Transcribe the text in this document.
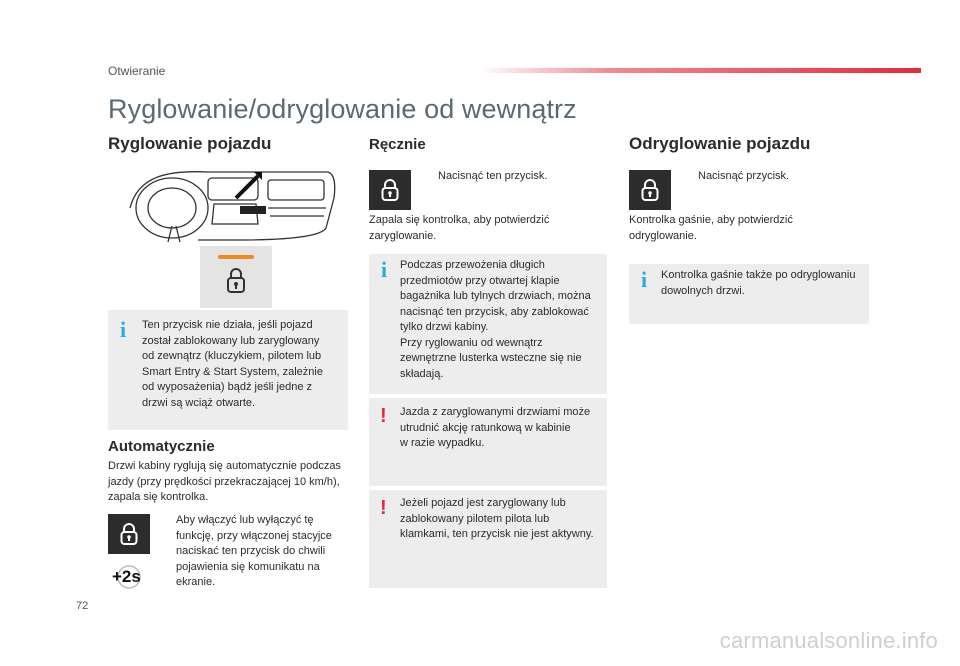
Otwieranie
Ryglowanie/odryglowanie od wewnątrz
Ryglowanie pojazdu
i Ten przycisk nie działa, jeśli pojazd
został zablokowany lub zaryglowany
od zewnątrz (kluczykiem, pilotem lub
Smart Entry & Start System, zależnie
od wyposażenia) bądź jeśli jedne z
drzwi są wciąż otwarte.
Automatycznie
Drzwi kabiny ryglują się automatycznie podczas jazdy (przy prędkości przekraczającej 10 km/h), zapala się kontrolka.
+2s
Aby włączyć lub wyłączyć tę
funkcję, przy włączonej stacyjce
naciskać ten przycisk do chwili
pojawienia się komunikatu na
ekranie.
Ręcznie
Nacisnąć ten przycisk.
Zapala się kontrolka, aby potwierdzić zaryglowanie.
i Podczas przewożenia długich
przedmiotów przy otwartej klapie
bagażnika lub tylnych drzwiach, można
nacisnąć ten przycisk, aby zablokować
tylko drzwi kabiny.
Przy ryglowaniu od wewnątrz
zewnętrzne lusterka wsteczne się nie
składają.
! Jazda z zaryglowanymi drzwiami może
utrudnić akcję ratunkową w kabinie
w razie wypadku.
! Jeżeli pojazd jest zaryglowany lub
zablokowany pilotem pilota lub
klamkami, ten przycisk nie jest aktywny.
Odryglowanie pojazdu
Nacisnąć przycisk.
Kontrolka gaśnie, aby potwierdzić odryglowanie.
i Kontrolka gaśnie także po odryglowaniu
dowolnych drzwi.
72
carmanualsonline.info
